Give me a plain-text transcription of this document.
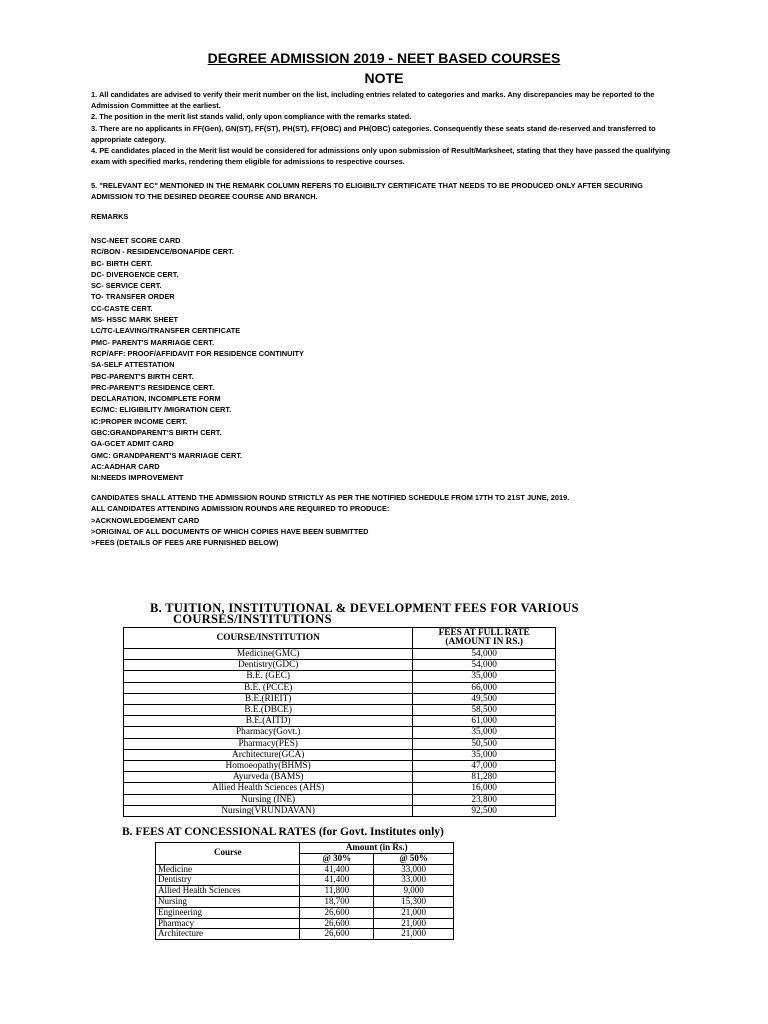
DEGREE ADMISSION 2019 - NEET BASED COURSES
NOTE

1. All candidates are advised to verify their merit number on the list, including entries related to categories and marks. Any discrepancies may be reported to the Admission Committee at the earliest.

2. The position in the merit list stands valid, only upon compliance with the remarks stated.

3. There are no applicants in FF(Gen), GN(ST), FF(ST), PH(ST), FF(OBC) and PH(OBC) categories. Consequently these seats stand de-reserved and transferred to appropriate category.

4. PE candidates placed in the Merit list would be considered for admissions only upon submission of Result/Marksheet, stating that they have passed the qualifying exam with specified marks, rendering them eligible for admissions to respective courses.

5. "RELEVANT EC" MENTIONED IN THE REMARK COLUMN REFERS TO ELIGIBILTY CERTIFICATE THAT NEEDS TO BE PRODUCED ONLY AFTER SECURING ADMISSION TO THE DESIRED DEGREE COURSE AND BRANCH.
REMARKS
NSC-NEET SCORE CARD
RC/BON - RESIDENCE/BONAFIDE CERT.
BC- BIRTH CERT.
DC- DIVERGENCE CERT.
SC- SERVICE CERT.
TO- TRANSFER ORDER
CC-CASTE CERT.
MS- HSSC MARK SHEET
LC/TC-LEAVING/TRANSFER CERTIFICATE
PMC- PARENT'S MARRIAGE CERT.
RCP/AFF: PROOF/AFFIDAVIT FOR RESIDENCE CONTINUITY
SA-SELF ATTESTATION
PBC-PARENT'S BIRTH CERT.
PRC-PARENT'S RESIDENCE CERT.
DECLARATION, INCOMPLETE FORM
EC/MC: ELIGIBILITY /MIGRATION CERT.
IC:PROPER INCOME CERT.
GBC:GRANDPARENT'S BIRTH CERT.
GA-GCET ADMIT CARD
GMC: GRANDPARENT'S MARRIAGE CERT.
AC:AADHAR CARD
NI:NEEDS IMPROVEMENT
CANDIDATES SHALL ATTEND THE ADMISSION ROUND STRICTLY AS PER THE NOTIFIED SCHEDULE FROM 17TH TO 21ST JUNE, 2019.
ALL CANDIDATES ATTENDING ADMISSION ROUNDS ARE REQUIRED TO PRODUCE:
>ACKNOWLEDGEMENT CARD
>ORIGINAL OF ALL DOCUMENTS OF WHICH COPIES HAVE BEEN SUBMITTED
>FEES (DETAILS OF FEES ARE FURNISHED BELOW)
B. TUITION, INSTITUTIONAL & DEVELOPMENT FEES FOR VARIOUS
COURSES/INSTITUTIONS
COURSE/INSTITUTION	FEES AT FULL RATE
(AMOUNT IN RS.)
Medicine(GMC)	54,000
Dentistry(GDC)	54,000
B.E. (GEC)	35,000
B.E. (PCCE)	66,000
B.E.(RIEIT)	49,500
B.E.(DBCE)	58,500
B.E.(AITD)	61,000
Pharmacy(Govt.)	35,000
Pharmacy(PES)	50,500
Architecture(GCA)	35,000
Homoeopathy(BHMS)	47,000
Ayurveda (BAMS)	81,280
Allied Health Sciences (AHS)	16,000
Nursing (INE)	23,800
Nursing(VRUNDAVAN)	92,500
B. FEES AT CONCESSIONAL RATES (for Govt. Institutes only)
Course	Amount (in Rs.)	
	@ 30%	@ 50%
Medicine	41,400	33,000
Dentistry	41,400	33,000
Allied Health Sciences	11,800	9,000
Nursing	18,700	15,300
Engineering	26,600	21,000
Pharmacy	26,600	21,000
Architecture	26,600	21,000
